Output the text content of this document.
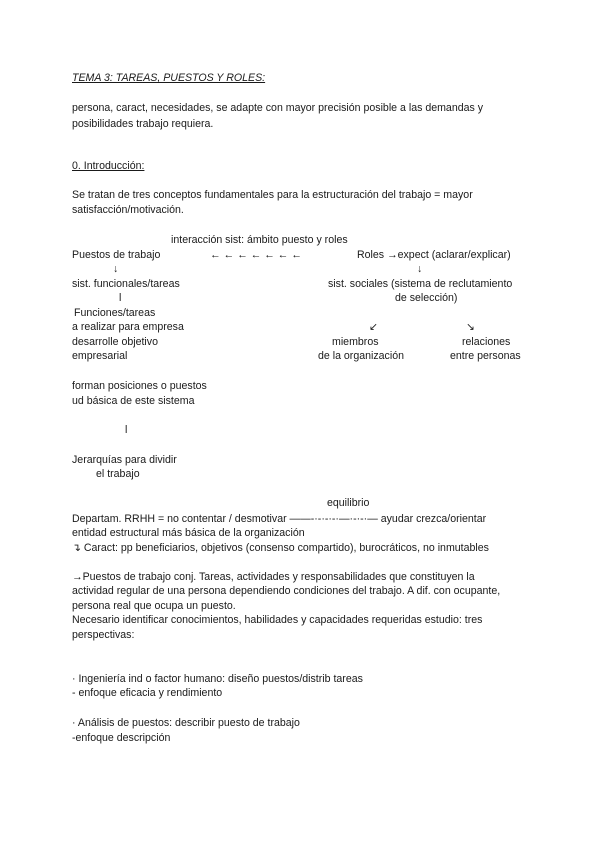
TEMA 3: TAREAS, PUESTOS Y ROLES:
persona, caract, necesidades, se adapte con mayor precisión posible a las demandas y
posibilidades trabajo requiera.
0. Introducción:
Se tratan de tres conceptos fundamentales para la estructuración del trabajo = mayor
satisfacción/motivación.
interacción sist: ámbito puesto y roles
Puestos de trabajo	← ← ← ← ← ← ←	Roles →expect (aclarar/explicar)
↓	↓
sist. funcionales/tareas	sist. sociales (sistema de reclutamiento
l	de selección)
Funciones/tareas
a realizar para empresa	↙	↘
desarrolle objetivo	miembros	relaciones
empresarial	de la organización	entre personas
forman posiciones o puestos
ud básica de este sistema
l
Jerarquías para dividir
el trabajo
equilibrio
Departam. RRHH = no contentar / desmotivar ——-·-·-·-·—·-·-·— ayudar crezca/orientar
entidad estructural más básica de la organización
↴ Caract: pp beneficiarios, objetivos (consenso compartido), burocráticos, no inmutables
→Puestos de trabajo conj. Tareas, actividades y responsabilidades que constituyen la
actividad regular de una persona dependiendo condiciones del trabajo. A dif. con ocupante,
persona real que ocupa un puesto.
Necesario identificar conocimientos, habilidades y capacidades requeridas estudio: tres
perspectivas:
· Ingeniería ind o factor humano: diseño puestos/distrib tareas
- enfoque eficacia y rendimiento
· Análisis de puestos: describir puesto de trabajo
-enfoque descripción
